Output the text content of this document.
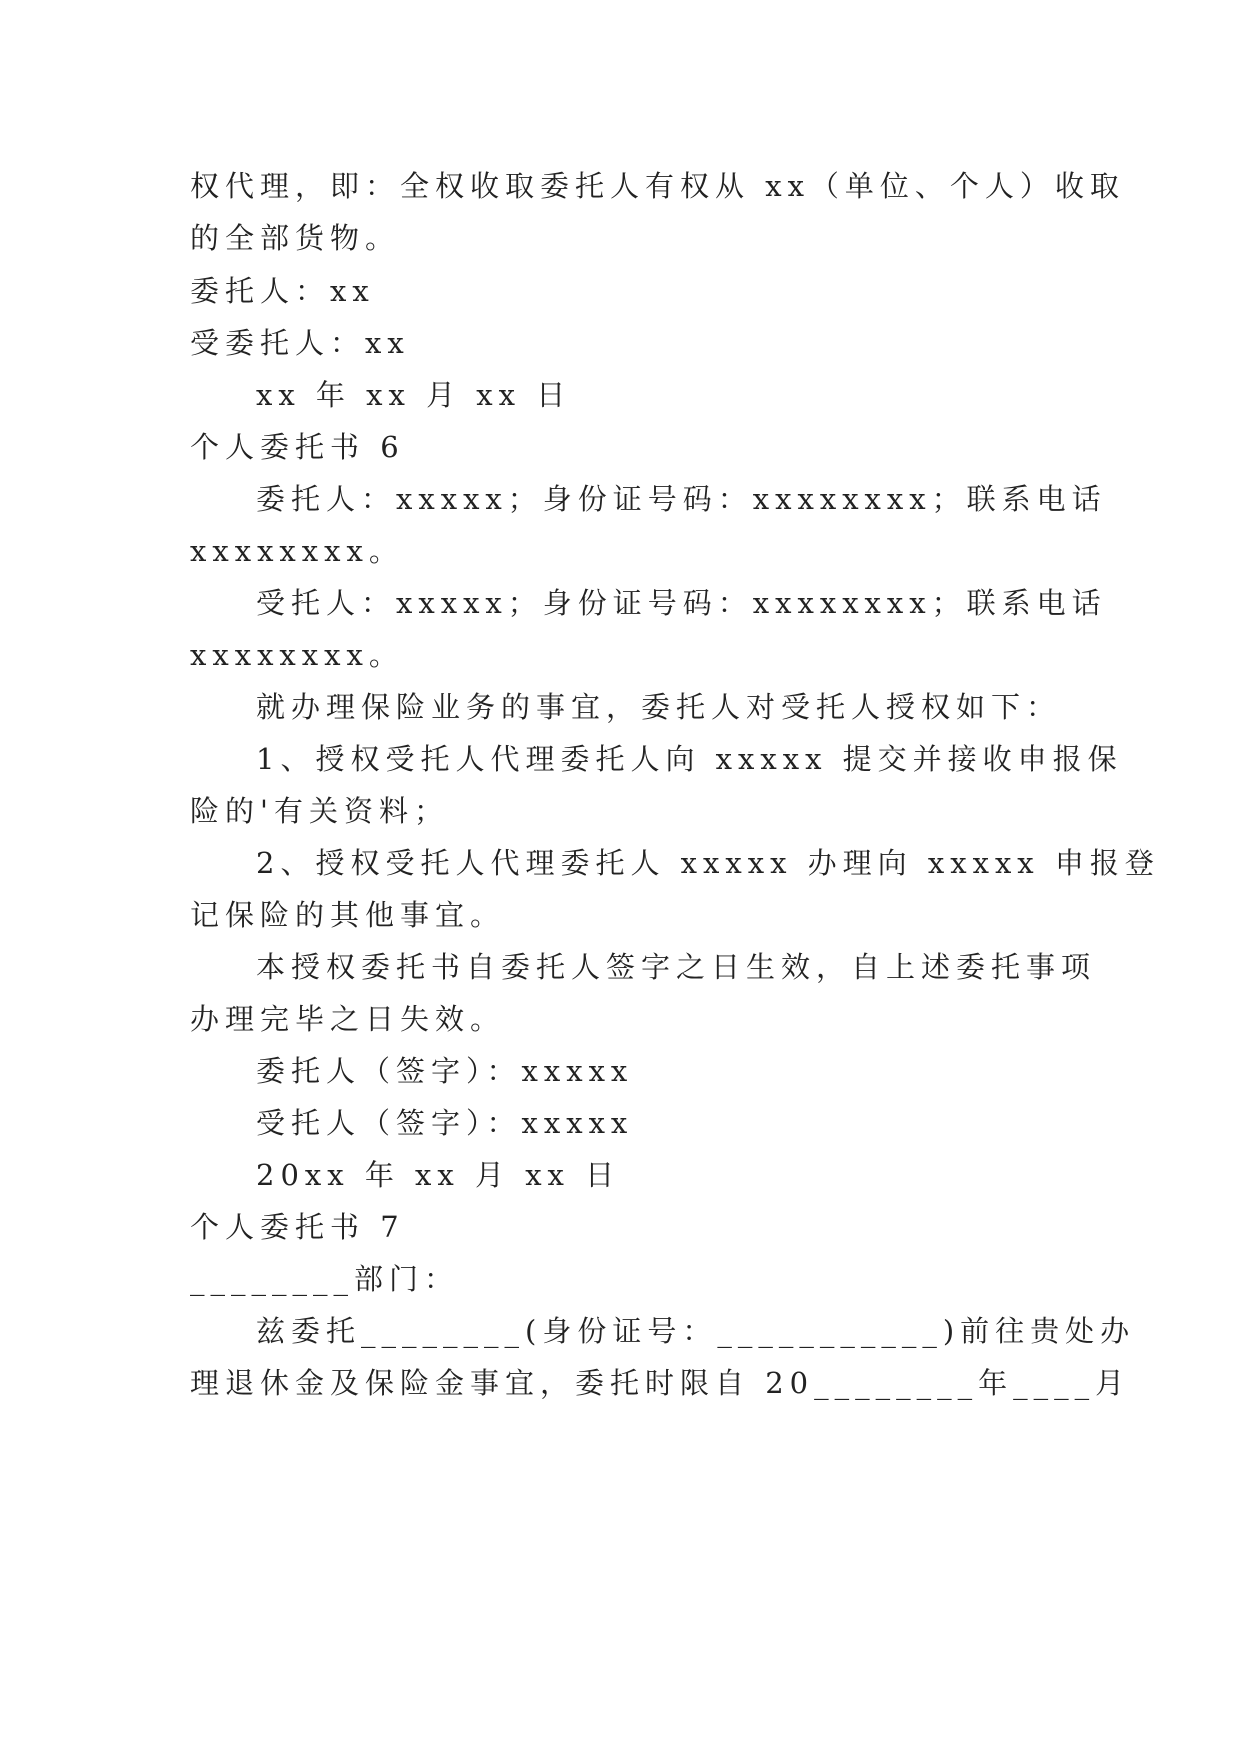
权代理，即：全权收取委托人有权从 xx（单位、个人）收取
的全部货物。
委托人：xx
受委托人：xx
xx 年 xx 月 xx 日
个人委托书 6
委托人：xxxxx；身份证号码：xxxxxxxx；联系电话
xxxxxxxx。
受托人：xxxxx；身份证号码：xxxxxxxx；联系电话
xxxxxxxx。
就办理保险业务的事宜，委托人对受托人授权如下：
1、授权受托人代理委托人向 xxxxx 提交并接收申报保
险的'有关资料；
2、授权受托人代理委托人 xxxxx 办理向 xxxxx 申报登
记保险的其他事宜。
本授权委托书自委托人签字之日生效，自上述委托事项
办理完毕之日失效。
委托人（签字）：xxxxx
受托人（签字）：xxxxx
20xx 年 xx 月 xx 日
个人委托书 7
________部门：
兹委托________(身份证号：___________)前往贵处办
理退休金及保险金事宜，委托时限自 20________年____月
